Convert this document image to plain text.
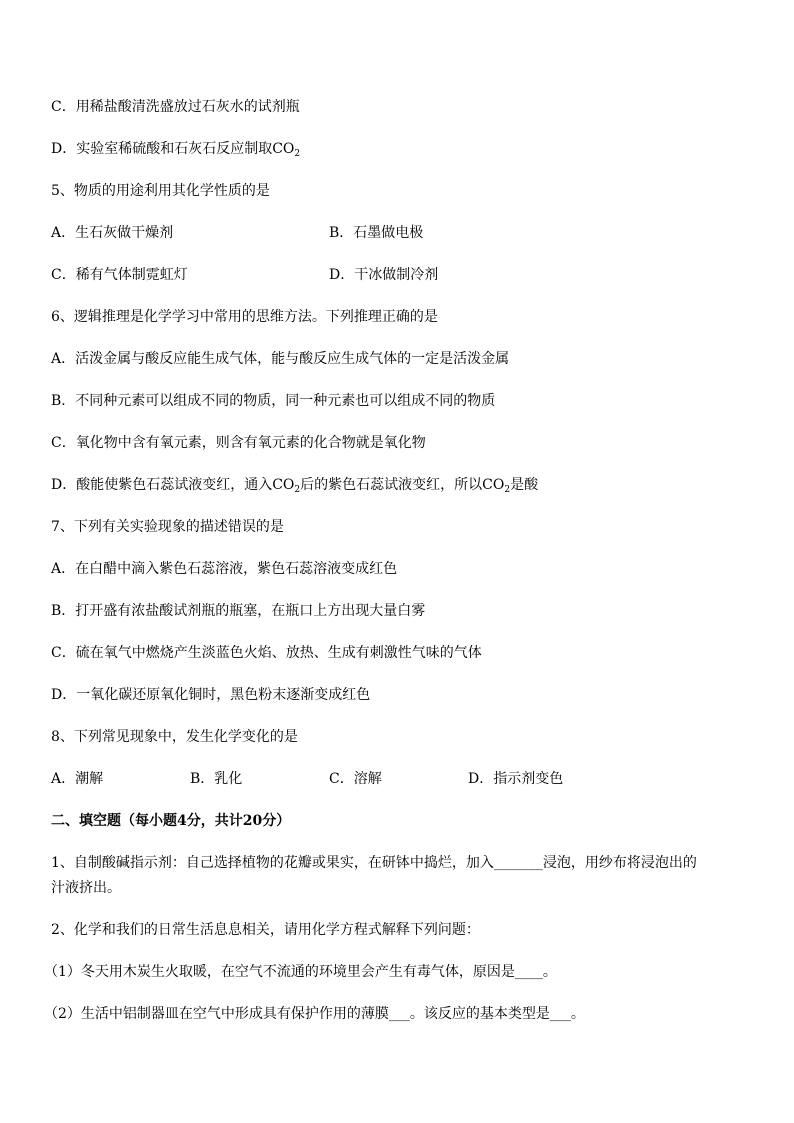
C．用稀盐酸清洗盛放过石灰水的试剂瓶
D．实验室稀硫酸和石灰石反应制取$CO_2$
5、物质的用途利用其化学性质的是
A．生石灰做干燥剂	B．石墨做电极
C．稀有气体制霓虹灯	D．干冰做制冷剂
6、逻辑推理是化学学习中常用的思维方法。下列推理正确的是
A．活泼金属与酸反应能生成气体，能与酸反应生成气体的一定是活泼金属
B．不同种元素可以组成不同的物质，同一种元素也可以组成不同的物质
C．氧化物中含有氧元素，则含有氧元素的化合物就是氧化物
D．酸能使紫色石蕊试液变红，通入$CO_2$后的紫色石蕊试液变红，所以$CO_2$是酸
7、下列有关实验现象的描述错误的是
A．在白醋中滴入紫色石蕊溶液，紫色石蕊溶液变成红色
B．打开盛有浓盐酸试剂瓶的瓶塞，在瓶口上方出现大量白雾
C．硫在氧气中燃烧产生淡蓝色火焰、放热、生成有刺激性气味的气体
D．一氧化碳还原氧化铜时，黑色粉末逐渐变成红色
8、下列常见现象中，发生化学变化的是
A．潮解	B．乳化	C．溶解	D．指示剂变色
二、填空题（每小题4分，共计20分）
1、自制酸碱指示剂：自己选择植物的花瓣或果实，在研钵中捣烂，加入_______浸泡，用纱布将浸泡出的
汁液挤出。
2、化学和我们的日常生活息息相关，请用化学方程式解释下列问题：
（1）冬天用木炭生火取暖，在空气不流通的环境里会产生有毒气体，原因是____。
（2）生活中铝制器皿在空气中形成具有保护作用的薄膜___。该反应的基本类型是___。
